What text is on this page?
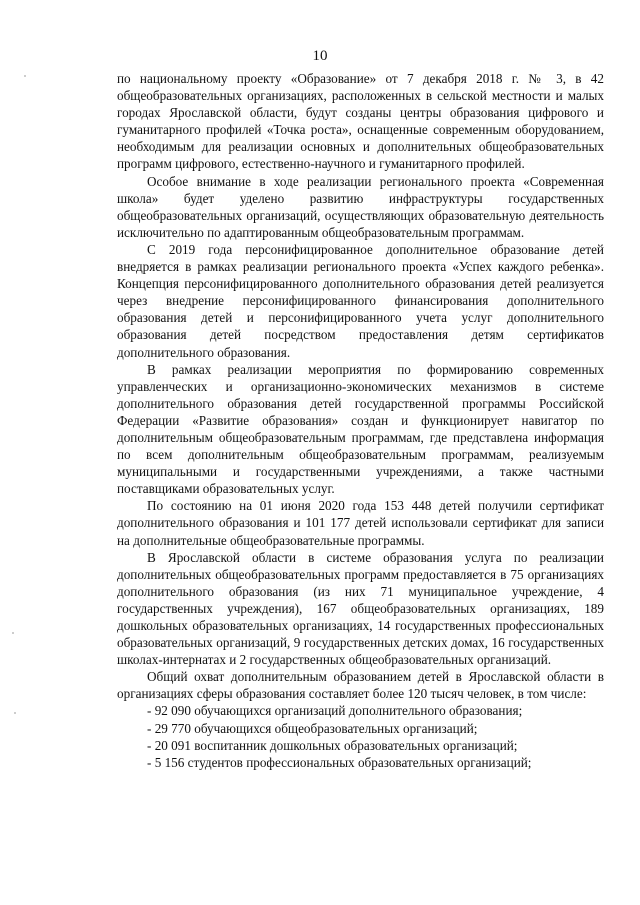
10

по национальному проекту «Образование» от 7 декабря 2018 г. № 3, в 42 общеобразовательных организациях, расположенных в сельской местности и малых городах Ярославской области, будут созданы центры образования цифрового и гуманитарного профилей «Точка роста», оснащенные современным оборудованием, необходимым для реализации основных и дополнительных общеобразовательных программ цифрового, естественно-научного и гуманитарного профилей.

Особое внимание в ходе реализации регионального проекта «Современная школа» будет уделено развитию инфраструктуры государственных общеобразовательных организаций, осуществляющих образовательную деятельность исключительно по адаптированным общеобразовательным программам.

С 2019 года персонифицированное дополнительное образование детей внедряется в рамках реализации регионального проекта «Успех каждого ребенка». Концепция персонифицированного дополнительного образования детей реализуется через внедрение персонифицированного финансирования дополнительного образования детей и персонифицированного учета услуг дополнительного образования детей посредством предоставления детям сертификатов дополнительного образования.

В рамках реализации мероприятия по формированию современных управленческих и организационно-экономических механизмов в системе дополнительного образования детей государственной программы Российской Федерации «Развитие образования» создан и функционирует навигатор по дополнительным общеобразовательным программам, где представлена информация по всем дополнительным общеобразовательным программам, реализуемым муниципальными и государственными учреждениями, а также частными поставщиками образовательных услуг.

По состоянию на 01 июня 2020 года 153 448 детей получили сертификат дополнительного образования и 101 177 детей использовали сертификат для записи на дополнительные общеобразовательные программы.

В Ярославской области в системе образования услуга по реализации дополнительных общеобразовательных программ предоставляется в 75 организациях дополнительного образования (из них 71 муниципальное учреждение, 4 государственных учреждения), 167 общеобразовательных организациях, 189 дошкольных образовательных организациях, 14 государственных профессиональных образовательных организаций, 9 государственных детских домах, 16 государственных школах-интернатах и 2 государственных общеобразовательных организаций.

Общий охват дополнительным образованием детей в Ярославской области в организациях сферы образования составляет более 120 тысяч человек, в том числе:

- 92 090 обучающихся организаций дополнительного образования;
- 29 770 обучающихся общеобразовательных организаций;
- 20 091 воспитанник дошкольных образовательных организаций;
- 5 156 студентов профессиональных образовательных организаций;
